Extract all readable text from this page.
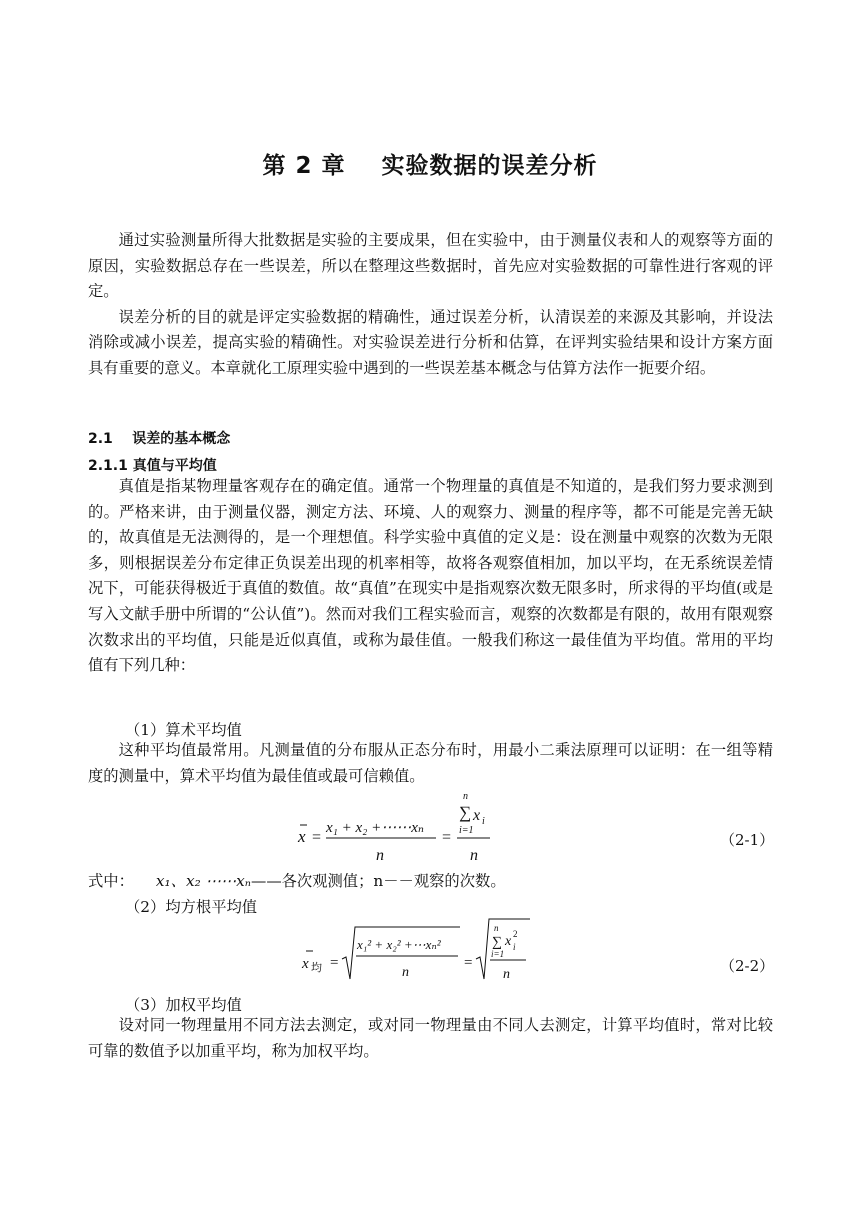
第 2 章    实验数据的误差分析

通过实验测量所得大批数据是实验的主要成果，但在实验中，由于测量仪表和人的观察等方面的原因，实验数据总存在一些误差，所以在整理这些数据时，首先应对实验数据的可靠性进行客观的评定。

误差分析的目的就是评定实验数据的精确性，通过误差分析，认清误差的来源及其影响，并设法消除或减小误差，提高实验的精确性。对实验误差进行分析和估算，在评判实验结果和设计方案方面具有重要的意义。本章就化工原理实验中遇到的一些误差基本概念与估算方法作一扼要介绍。

2.1    误差的基本概念
2.1.1 真值与平均值

真值是指某物理量客观存在的确定值。通常一个物理量的真值是不知道的，是我们努力要求测到的。严格来讲，由于测量仪器，测定方法、环境、人的观察力、测量的程序等，都不可能是完善无缺的，故真值是无法测得的，是一个理想值。科学实验中真值的定义是：设在测量中观察的次数为无限多，则根据误差分布定律正负误差出现的机率相等，故将各观察值相加，加以平均，在无系统误差情况下，可能获得极近于真值的数值。故“真值”在现实中是指观察次数无限多时，所求得的平均值(或是写入文献手册中所谓的“公认值”)。然而对我们工程实验而言，观察的次数都是有限的，故用有限观察次数求出的平均值，只能是近似真值，或称为最佳值。一般我们称这一最佳值为平均值。常用的平均值有下列几种：

（1）算术平均值

这种平均值最常用。凡测量值的分布服从正态分布时，用最小二乘法原理可以证明：在一组等精度的测量中，算术平均值为最佳值或最可信赖值。

x =
x₁ + x₂ +⋯⋯xₙ
n
=
n
∑ x i
i=1
n
（2-1）
式中： x₁、x₂ ⋯⋯xₙ——各次观测值；n－－观察的次数。
（2）均方根平均值
x 均 =
x₁² + x₂² +⋯xₙ²
n
=
n
∑ x i
2
i=1
n	（2-2）
（3）加权平均值

设对同一物理量用不同方法去测定，或对同一物理量由不同人去测定，计算平均值时，常对比较可靠的数值予以加重平均，称为加权平均。
